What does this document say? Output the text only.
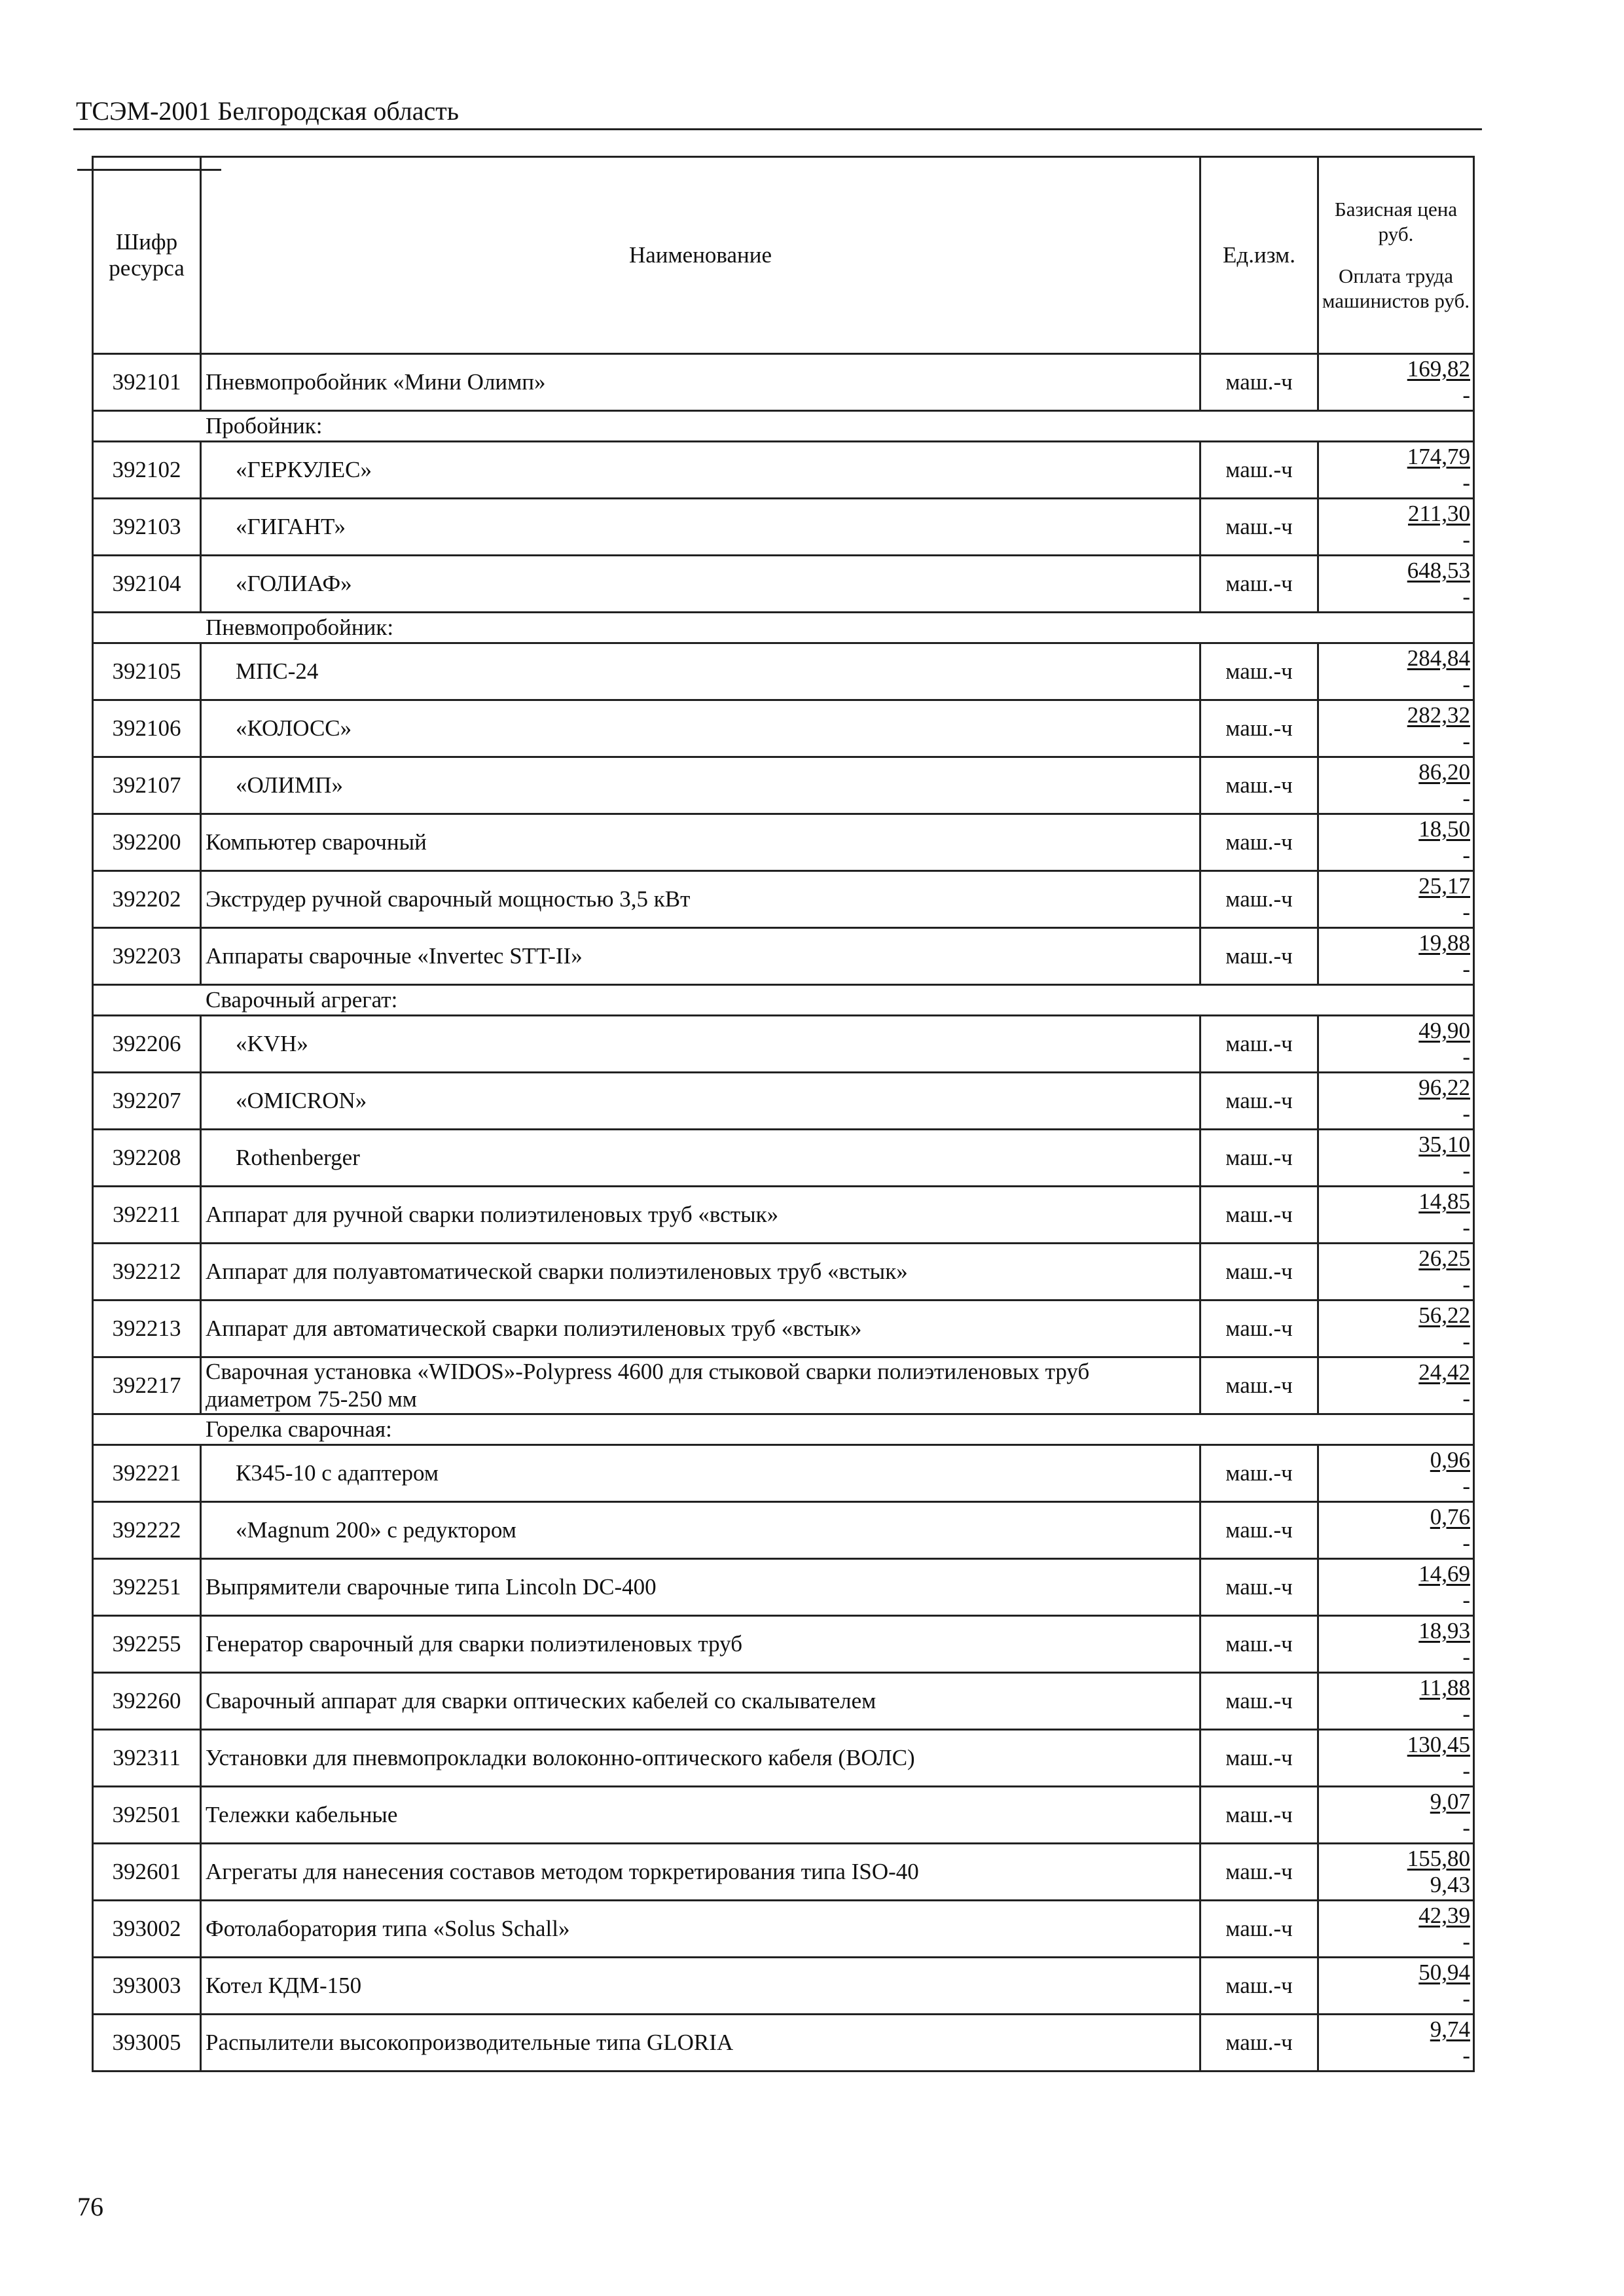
ТСЭМ-2001 Белгородская область
Шифр ресурса	Наименование	Ед.изм.	Базисная цена руб.
Оплата труда машинистов руб.
392101	Пневмопробойник «Мини Олимп»	маш.-ч	169,82
-

Пробойник:			
392102	«ГЕРКУЛЕС»	маш.-ч	174,79
-

392103	«ГИГАНТ»	маш.-ч	211,30
-

392104	«ГОЛИАФ»	маш.-ч	648,53
-

Пневмопробойник:			
392105	МПС-24	маш.-ч	284,84
-

392106	«КОЛОСС»	маш.-ч	282,32
-

392107	«ОЛИМП»	маш.-ч	86,20
-

392200	Компьютер сварочный	маш.-ч	18,50
-

392202	Экструдер ручной сварочный мощностью 3,5 кВт	маш.-ч	25,17
-

392203	Аппараты сварочные «Invertec STT-II»	маш.-ч	19,88
-

Сварочный агрегат:			
392206	«KVH»	маш.-ч	49,90
-

392207	«OMICRON»	маш.-ч	96,22
-

392208	Rothenberger	маш.-ч	35,10
-

392211	Аппарат для ручной сварки полиэтиленовых труб «встык»	маш.-ч	14,85
-

392212	Аппарат для полуавтоматической сварки полиэтиленовых труб «встык»	маш.-ч	26,25
-

392213	Аппарат для автоматической сварки полиэтиленовых труб «встык»	маш.-ч	56,22
-

392217	Сварочная установка «WIDOS»-Polypress 4600 для стыковой сварки полиэтиленовых труб диаметром 75-250 мм	маш.-ч	24,42
-

Горелка сварочная:			
392221	К345-10 с адаптером	маш.-ч	0,96
-

392222	«Magnum 200» с редуктором	маш.-ч	0,76
-

392251	Выпрямители сварочные типа Lincoln DC-400	маш.-ч	14,69
-

392255	Генератор сварочный для сварки полиэтиленовых труб	маш.-ч	18,93
-

392260	Сварочный аппарат для сварки оптических кабелей со скалывателем	маш.-ч	11,88
-

392311	Установки для пневмопрокладки волоконно-оптического кабеля (ВОЛС)	маш.-ч	130,45
-

392501	Тележки кабельные	маш.-ч	9,07
-

392601	Агрегаты для нанесения составов методом торкретирования типа ISO-40	маш.-ч	155,80
9,43

393002	Фотолаборатория типа «Solus Schall»	маш.-ч	42,39
-

393003	Котел КДМ-150	маш.-ч	50,94
-

393005	Распылители высокопроизводительные типа GLORIA	маш.-ч	9,74
-
76
